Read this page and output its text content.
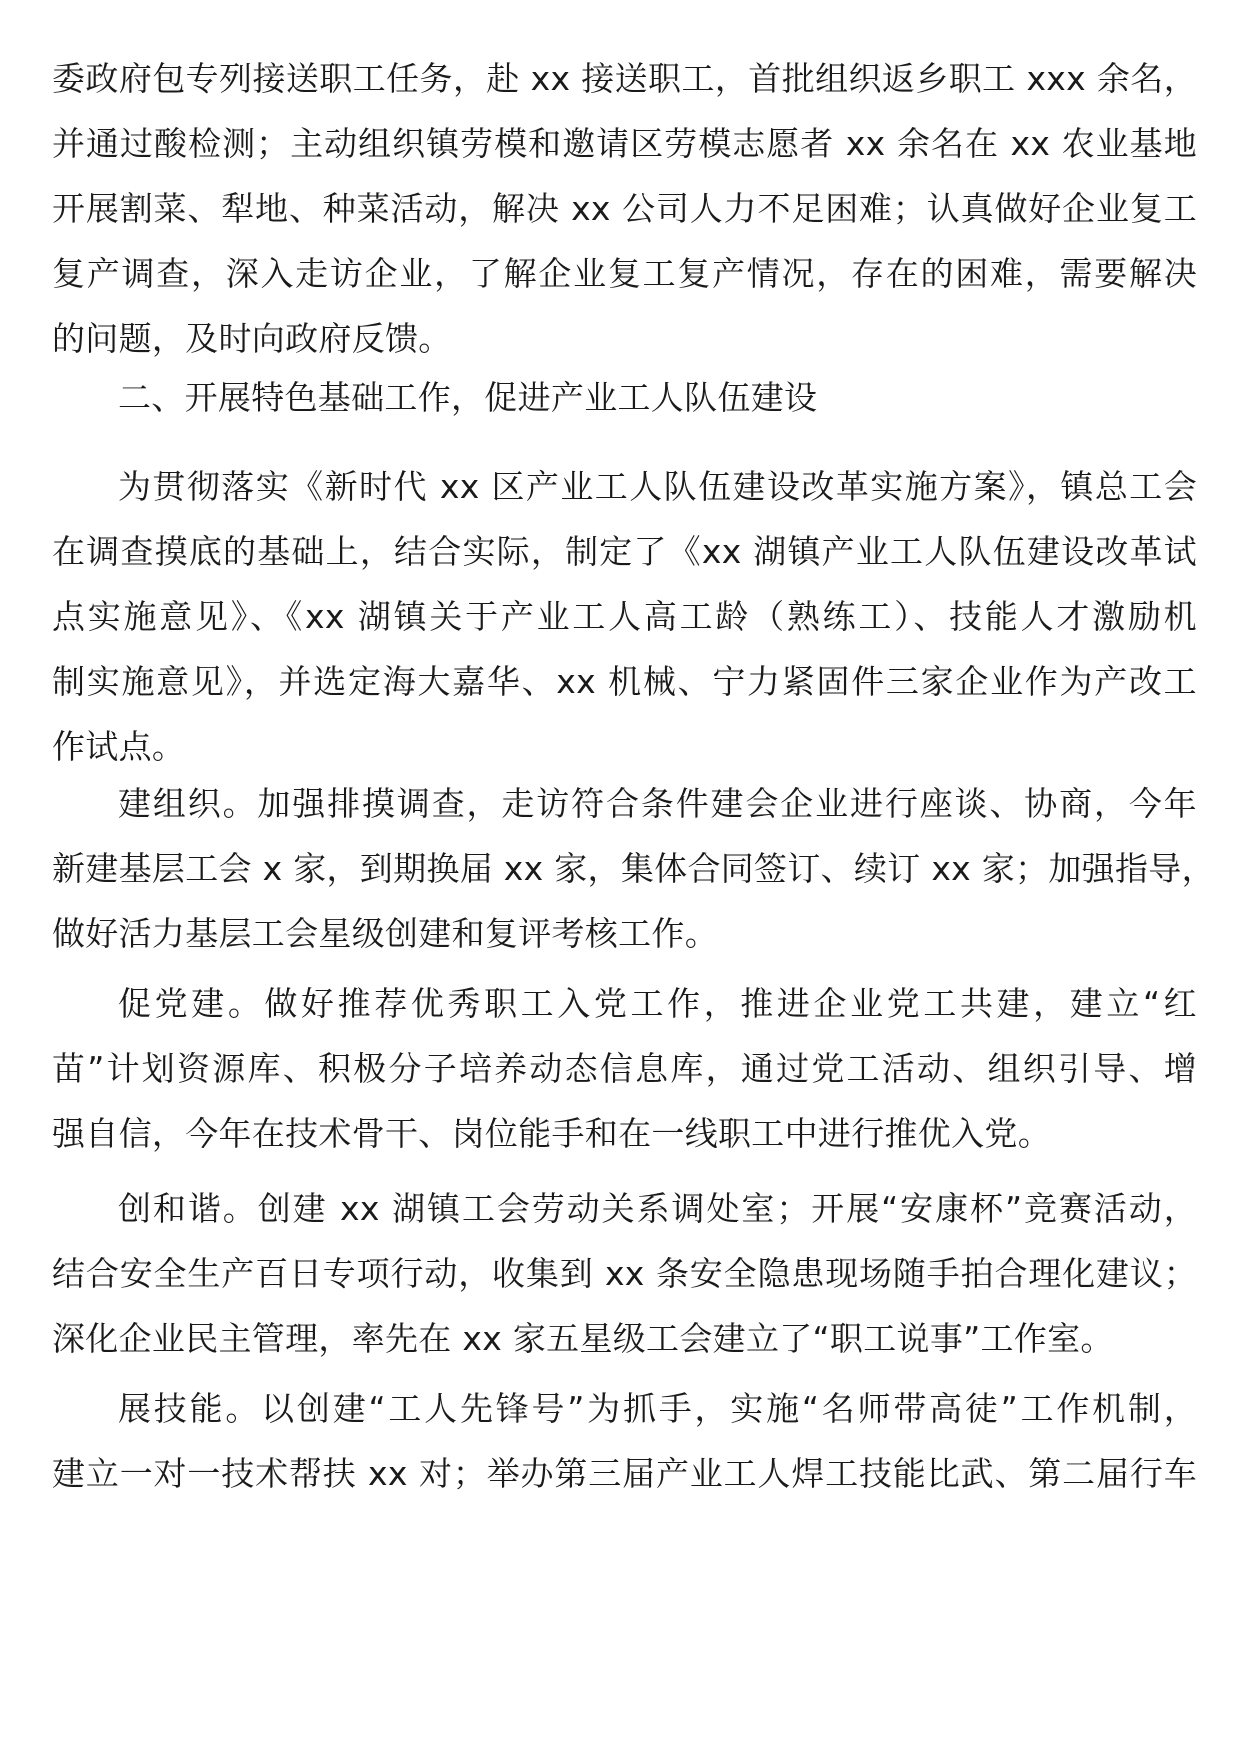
委政府包专列接送职工任务，赴 xx 接送职工，首批组织返乡职工 xxx 余名，
并通过酸检测；主动组织镇劳模和邀请区劳模志愿者 xx 余名在 xx 农业基地
开展割菜、犁地、种菜活动，解决 xx 公司人力不足困难；认真做好企业复工
复产调查，深入走访企业，了解企业复工复产情况，存在的困难，需要解决
的问题，及时向政府反馈。
二、开展特色基础工作，促进产业工人队伍建设
为贯彻落实《新时代 xx 区产业工人队伍建设改革实施方案》，镇总工会
在调查摸底的基础上，结合实际，制定了《xx 湖镇产业工人队伍建设改革试
点实施意见》、《xx 湖镇关于产业工人高工龄（熟练工）、技能人才激励机
制实施意见》，并选定海大嘉华、xx 机械、宁力紧固件三家企业作为产改工
作试点。
建组织。加强排摸调查，走访符合条件建会企业进行座谈、协商，今年
新建基层工会 x 家，到期换届 xx 家，集体合同签订、续订 xx 家；加强指导，
做好活力基层工会星级创建和复评考核工作。
促党建。做好推荐优秀职工入党工作，推进企业党工共建，建立“红
苗”计划资源库、积极分子培养动态信息库，通过党工活动、组织引导、增
强自信，今年在技术骨干、岗位能手和在一线职工中进行推优入党。
创和谐。创建 xx 湖镇工会劳动关系调处室；开展“安康杯”竞赛活动，
结合安全生产百日专项行动，收集到 xx 条安全隐患现场随手拍合理化建议；
深化企业民主管理，率先在 xx 家五星级工会建立了“职工说事”工作室。
展技能。以创建“工人先锋号”为抓手，实施“名师带高徒”工作机制，
建立一对一技术帮扶 xx 对；举办第三届产业工人焊工技能比武、第二届行车
